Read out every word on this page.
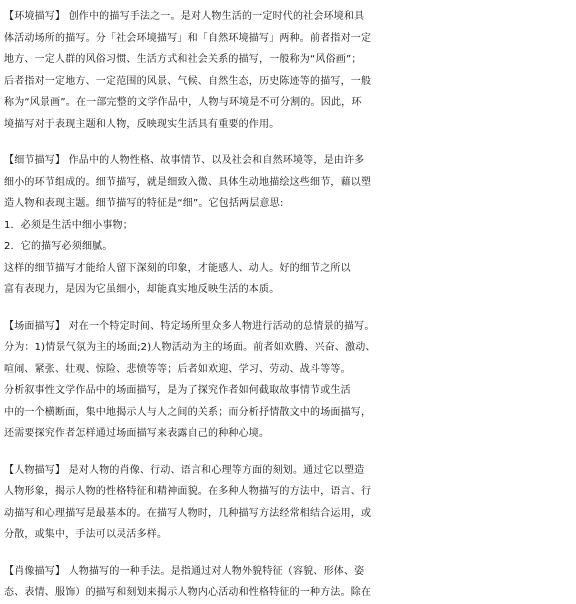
【环境描写】 创作中的描写手法之一。是对人物生活的一定时代的社会环境和具
体活动场所的描写。分「社会环境描写」和「自然环境描写」两种。前者指对一定
地方、一定人群的风俗习惯、生活方式和社会关系的描写，一般称为“风俗画”；
后者指对一定地方、一定范围的风景、气候、自然生态，历史陈迹等的描写，一般
称为“风景画”。在一部完整的文学作品中，人物与环境是不可分割的。因此，环
境描写对于表现主题和人物，反映现实生活具有重要的作用。
【细节描写】 作品中的人物性格、故事情节、以及社会和自然环境等，是由许多
细小的环节组成的。细节描写，就是细致入微、具体生动地描绘这些细节，藉以塑
造人物和表现主题。细节描写的特征是“细”。它包括两层意思:
1．必须是生活中细小事物；
2．它的描写必须细腻。
这样的细节描写才能给人留下深刻的印象，才能感人、动人。好的细节之所以
富有表现力，是因为它虽细小，却能真实地反映生活的本质。
【场面描写】 对在一个特定时间、特定场所里众多人物进行活动的总情景的描写。
分为：1)情景气氛为主的场面;2)人物活动为主的场面。前者如欢腾、兴奋、激动、
喧闹、紧张、壮观、惊险、悲愤等等；后者如欢迎、学习、劳动、战斗等等。
分析叙事性文学作品中的场面描写，是为了探究作者如何截取故事情节或生活
中的一个横断面，集中地揭示人与人之间的关系；而分析抒情散文中的场面描写，
还需要探究作者怎样通过场面描写来表露自己的种种心境。
【人物描写】 是对人物的肖像、行动、语言和心理等方面的刻划。通过它以塑造
人物形象，揭示人物的性格特征和精神面貌。在多种人物描写的方法中，语言、行
动描写和心理描写是最基本的。在描写人物时，几种描写方法经常相结合运用，或
分散，或集中，手法可以灵活多样。
【肖像描写】 人物描写的一种手法。是指通过对人物外貌特征（容貌、形体、姿
态、表情、服饰）的描写和刻划来揭示人物内心活动和性格特征的一种方法。除在
